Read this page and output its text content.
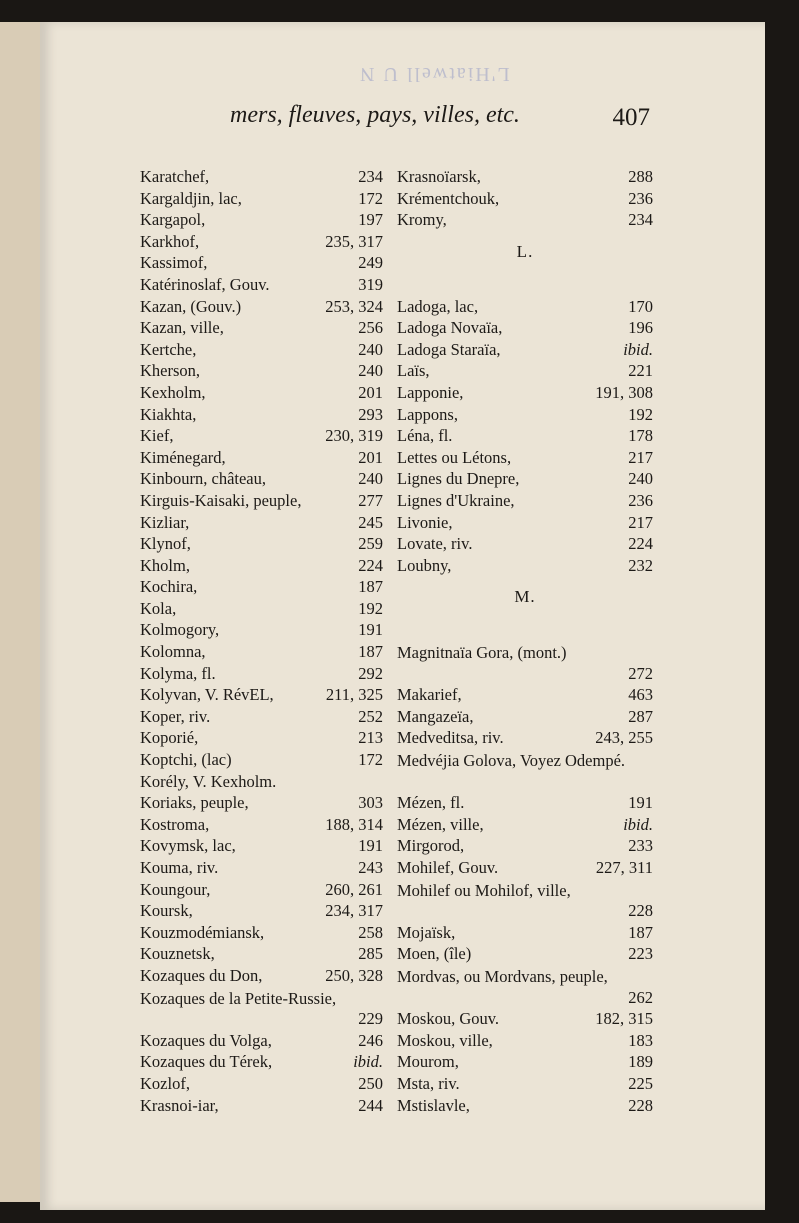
L'Hiatwell U N
mers, fleuves, pays, villes, etc.	407
Karatchef,	234
Kargaldjin, lac,	172
Kargapol,	197
Karkhof,	235, 317
Kassimof,	249
Katérinoslaf, Gouv.	319
Kazan, (Gouv.)	253, 324
Kazan, ville,	256
Kertche,	240
Kherson,	240
Kexholm,	201
Kiakhta,	293
Kief,	230, 319
Kiménegard,	201
Kinbourn, château,	240
Kirguis-Kaisaki, peuple,	277
Kizliar,	245
Klynof,	259
Kholm,	224
Kochira,	187
Kola,	192
Kolmogory,	191
Kolomna,	187
Kolyma, fl.	292
Kolyvan, V. RévEL,	211, 325
Koper, riv.	252
Koporié,	213
Koptchi, (lac)	172
Korély, V. Kexholm.
Koriaks, peuple,	303
Kostroma,	188, 314
Kovymsk, lac,	191
Kouma, riv.	243
Koungour,	260, 261
Koursk,	234, 317
Kouzmodémiansk,	258
Kouznetsk,	285
Kozaques du Don,	250, 328
Kozaques de la Petite-Russie,
229
Kozaques du Volga,	246
Kozaques du Térek,	ibid.
Kozlof,	250
Krasnoi-iar,	244
Krasnoïarsk,	288
Krémentchouk,	236
Kromy,	234
L.
Ladoga, lac,	170
Ladoga Novaïa,	196
Ladoga Staraïa,	ibid.
Laïs,	221
Lapponie,	191, 308
Lappons,	192
Léna, fl.	178
Lettes ou Létons,	217
Lignes du Dnepre,	240
Lignes d'Ukraine,	236
Livonie,	217
Lovate, riv.	224
Loubny,	232
M.
Magnitnaïa Gora, (mont.)
272
Makarief,	463
Mangazeïa,	287
Medveditsa, riv.	243, 255
Medvéjia Golova, Voyez Odempé.
Mézen, fl.	191
Mézen, ville,	ibid.
Mirgorod,	233
Mohilef, Gouv.	227, 311
Mohilef ou Mohilof, ville,
228
Mojaïsk,	187
Moen, (île)	223
Mordvas, ou Mordvans, peuple,
262
Moskou, Gouv.	182, 315
Moskou, ville,	183
Mourom,	189
Msta, riv.	225
Mstislavle,	228
